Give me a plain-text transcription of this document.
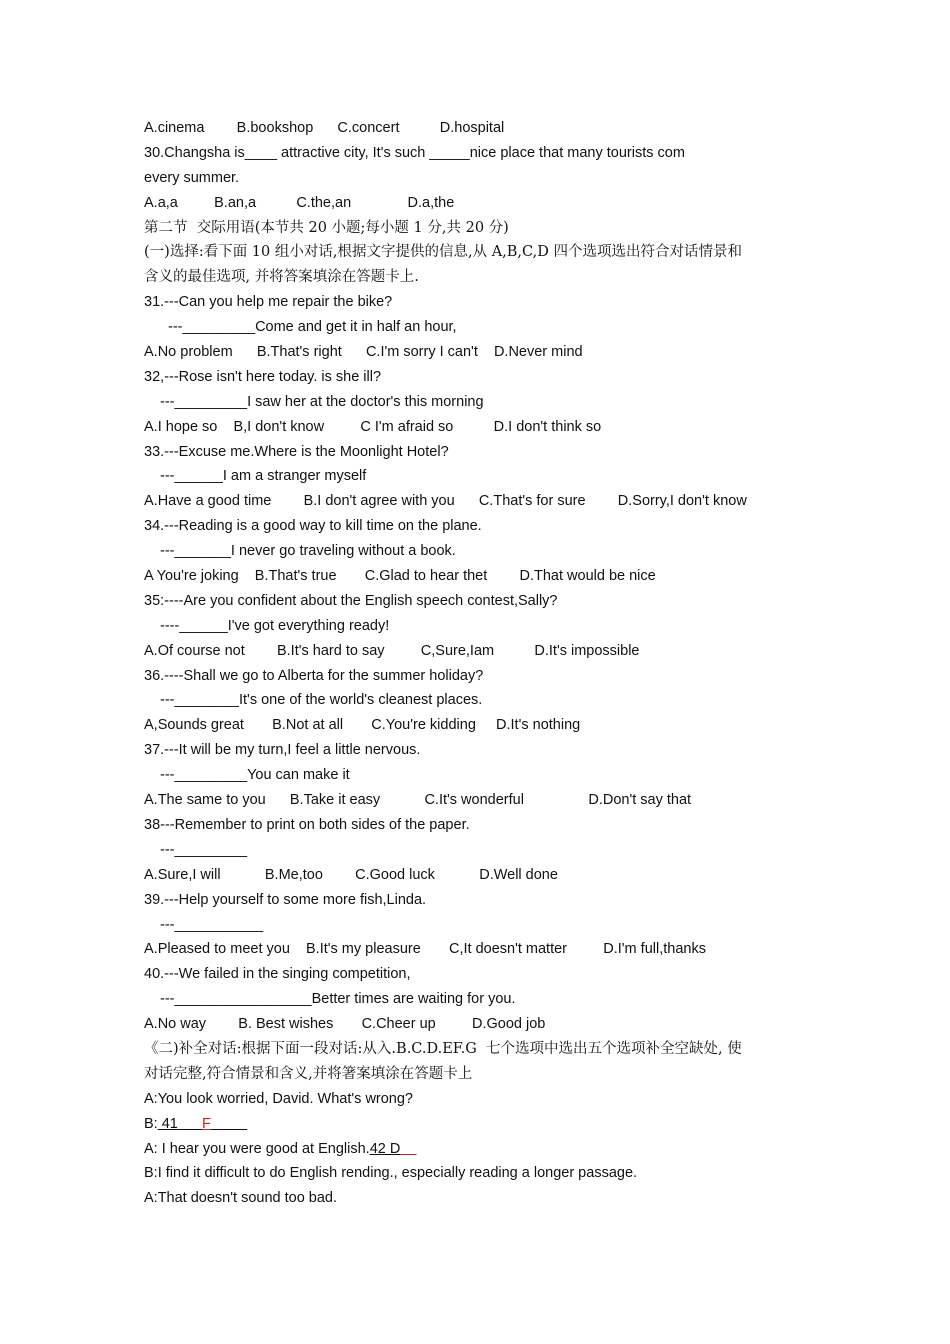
A.cinema        B.bookshop      C.concert          D.hospital
30.Changsha is____ attractive city, It's such _____nice place that many tourists com
every summer.
A.a,a         B.an,a          C.the,an              D.a,the
第二节  交际用语(本节共 20 小题;每小题 1 分,共 20 分)
(一)选择:看下面 10 组小对话,根据文字提供的信息,从 A,B,C,D 四个选项选出符合对话情景和
含义的最佳选项, 并将答案填涂在答题卡上.
31.---Can you help me repair the bike?
---_________Come and get it in half an hour,
A.No problem      B.That's right      C.I'm sorry I can't    D.Never mind
32,---Rose isn't here today. is she ill?
---_________I saw her at the doctor's this morning
A.I hope so    B,I don't know         C I'm afraid so          D.I don't think so
33.---Excuse me.Where is the Moonlight Hotel?
---______I am a stranger myself
A.Have a good time        B.I don't agree with you      C.That's for sure        D.Sorry,I don't know
34.---Reading is a good way to kill time on the plane.
---_______I never go traveling without a book.
A You're joking    B.That's true       C.Glad to hear thet        D.That would be nice
35:----Are you confident about the English speech contest,Sally?
----______I've got everything ready!
A.Of course not        B.It's hard to say         C,Sure,Iam          D.It's impossible
36.----Shall we go to Alberta for the summer holiday?
---________It's one of the world's cleanest places.
A,Sounds great       B.Not at all       C.You're kidding     D.It's nothing
37.---It will be my turn,I feel a little nervous.
---_________You can make it
A.The same to you      B.Take it easy           C.It's wonderful                D.Don't say that
38---Remember to print on both sides of the paper.
---_________
A.Sure,I will           B.Me,too        C.Good luck           D.Well done
39.---Help yourself to some more fish,Linda.
---___________
A.Pleased to meet you    B.It's my pleasure       C,It doesn't matter         D.I'm full,thanks
40.---We failed in the singing competition,
---_________________Better times are waiting for you.
A.No way        B. Best wishes       C.Cheer up         D.Good job
《二)补全对话:根据下面一段对话:从入.B.C.D.EF.G  七个选项中选出五个选项补全空缺处, 使
对话完整,符合情景和含义,并将箸案填涂在答题卡上
A:You look worried, David. What's wrong?
B: 41 F
A: I hear you were good at English.42 D
B:I find it difficult to do English rending., especially reading a longer passage.
A:That doesn't sound too bad.
